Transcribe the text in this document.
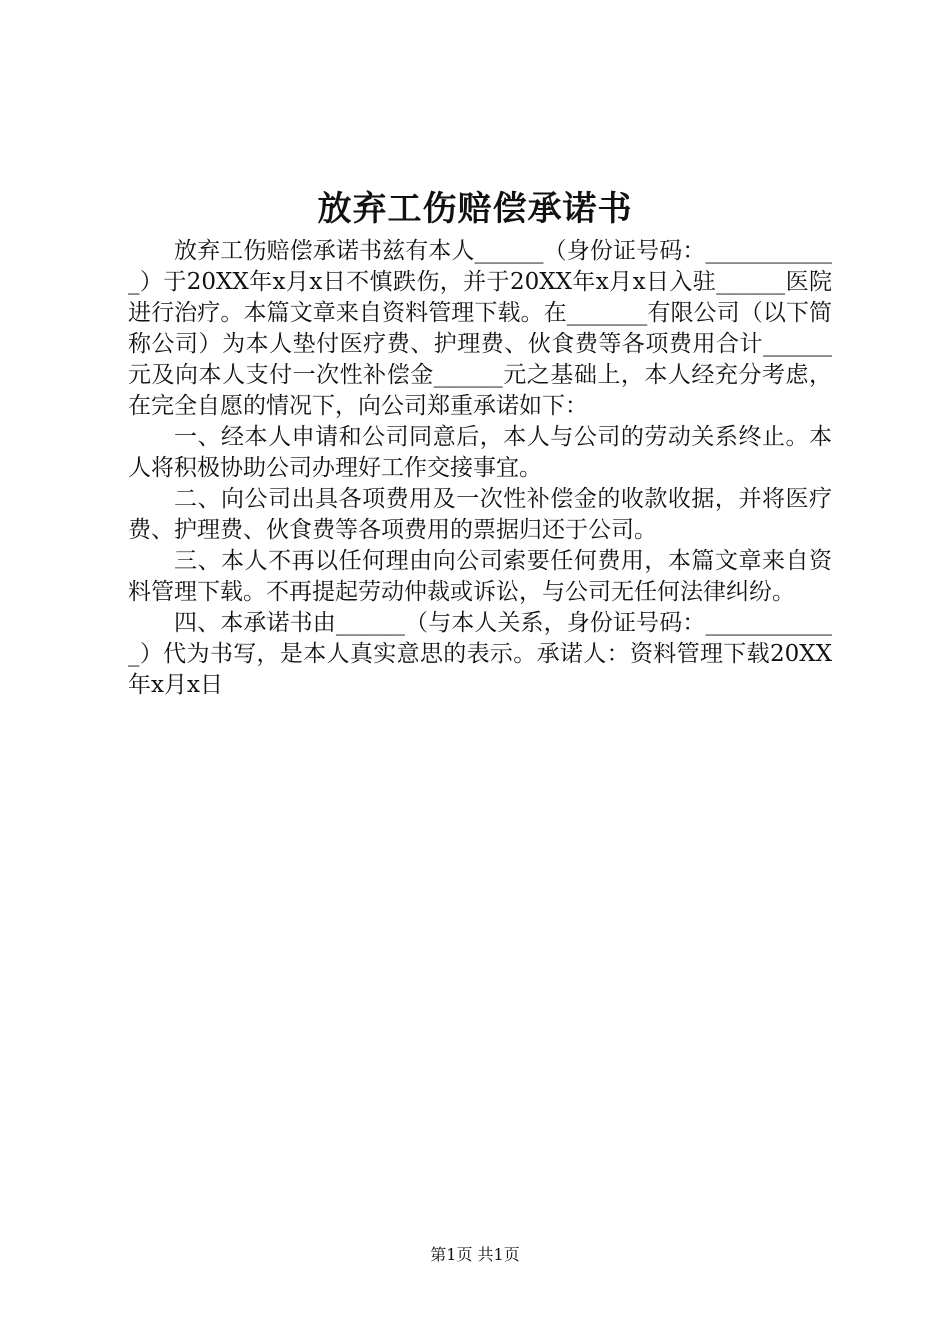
放弃工伤赔偿承诺书

放弃工伤赔偿承诺书兹有本人______（身份证号码：____________）于20XX年x月x日不慎跌伤，并于20XX年x月x日入驻______医院进行治疗。本篇文章来自资料管理下载。在_______有限公司（以下简称公司）为本人垫付医疗费、护理费、伙食费等各项费用合计______元及向本人支付一次性补偿金______元之基础上，本人经充分考虑，在完全自愿的情况下，向公司郑重承诺如下：

一、经本人申请和公司同意后，本人与公司的劳动关系终止。本人将积极协助公司办理好工作交接事宜。

二、向公司出具各项费用及一次性补偿金的收款收据，并将医疗费、护理费、伙食费等各项费用的票据归还于公司。

三、本人不再以任何理由向公司索要任何费用，本篇文章来自资料管理下载。不再提起劳动仲裁或诉讼，与公司无任何法律纠纷。

四、本承诺书由______（与本人关系，身份证号码：____________）代为书写，是本人真实意思的表示。承诺人：资料管理下载20XX年x月x日

第1页 共1页
